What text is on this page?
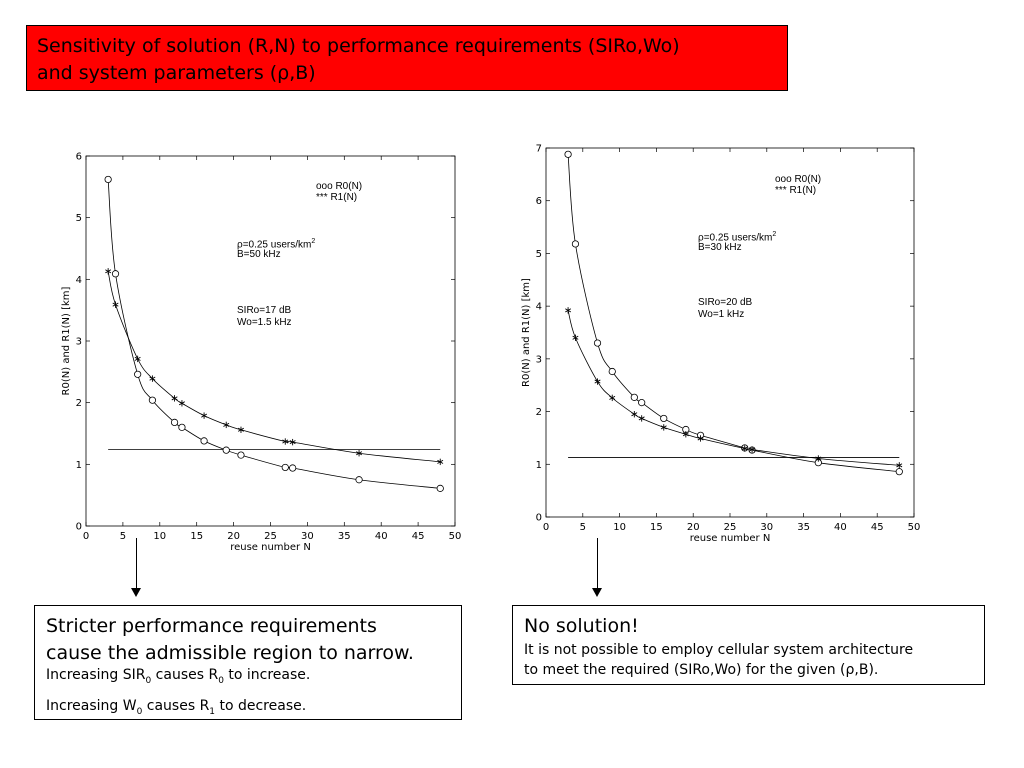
Sensitivity of solution (R,N) to performance requirements (SIRo,Wo)
and system parameters (ρ,B)
0	5	10 15 20 25 30 35 40 45 50
0
1
2
3
4
5
6
reuse number N
R0(N) and R1(N) [km]
ooo R0(N)
*** R1(N)
ρ=0.25 users/$km^2$
B=50 kHz
SIRo=17 dB
Wo=1.5 kHz
0	5	10 15 20 25 30 35 40 45 50
0
1
2
3
4
5
6
7
reuse number N
R0(N) and R1(N) [km]
ooo R0(N)
*** R1(N)
ρ=0.25 users/$km^2$
B=30 kHz
SIRo=20 dB
Wo=1 kHz
Stricter performance requirements
cause the admissible region to narrow.
Increasing $SIR_0$ causes $R_0$ to increase.
Increasing $W_0$ causes $R_1$ to decrease.
No solution!
It is not possible to employ cellular system architecture
to meet the required (SIRo,Wo) for the given (ρ,B).
